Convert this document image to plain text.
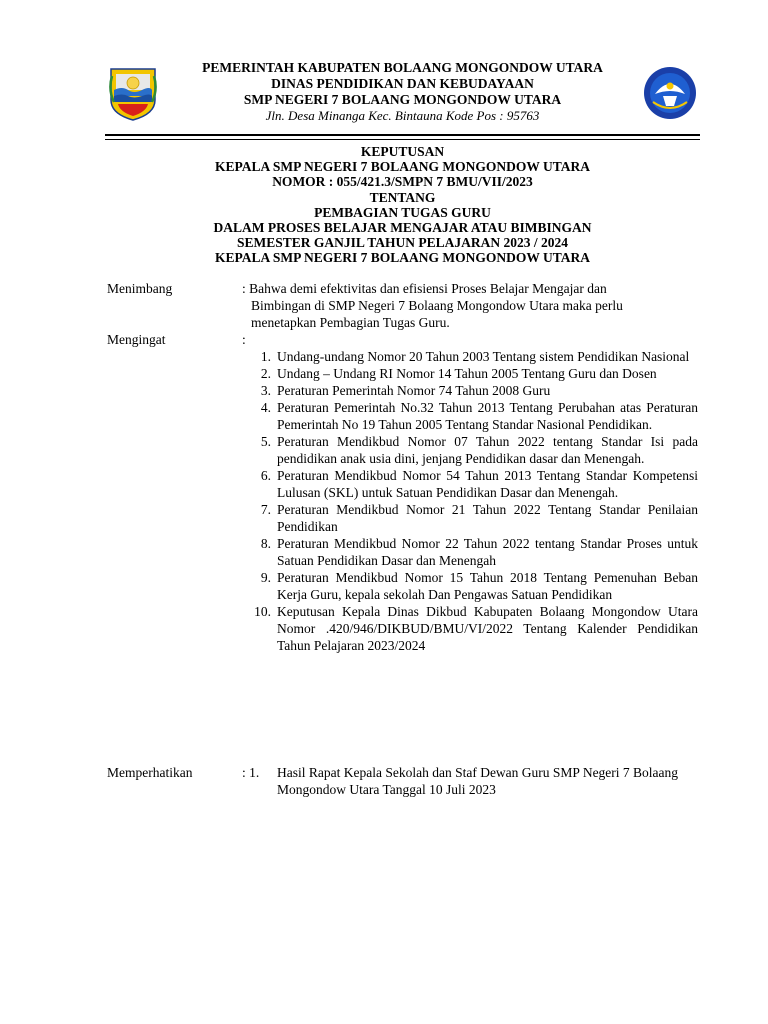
PEMERINTAH KABUPATEN BOLAANG MONGONDOW UTARA
DINAS PENDIDIKAN DAN KEBUDAYAAN
SMP NEGERI 7 BOLAANG MONGONDOW UTARA
Jln. Desa Minanga Kec. Bintauna Kode Pos : 95763
KEPUTUSAN
KEPALA SMP NEGERI 7 BOLAANG MONGONDOW UTARA
NOMOR : 055/421.3/SMPN 7 BMU/VII/2023
TENTANG
PEMBAGIAN TUGAS GURU
DALAM PROSES BELAJAR MENGAJAR ATAU BIMBINGAN
SEMESTER GANJIL TAHUN PELAJARAN 2023 / 2024
KEPALA SMP NEGERI 7 BOLAANG MONGONDOW UTARA
Menimbang	: Bahwa demi efektivitas dan efisiensi Proses Belajar Mengajar dan
Bimbingan di SMP Negeri 7 Bolaang Mongondow Utara maka perlu
menetapkan Pembagian Tugas Guru.
Mengingat	:
1. Undang-undang Nomor 20 Tahun 2003 Tentang sistem Pendidikan Nasional
2. Undang – Undang RI Nomor 14 Tahun 2005 Tentang Guru dan Dosen
3. Peraturan Pemerintah Nomor 74 Tahun 2008 Guru
4. Peraturan Pemerintah No.32 Tahun 2013 Tentang Perubahan atas Peraturan Pemerintah No 19 Tahun 2005 Tentang Standar Nasional Pendidikan.
5. Peraturan Mendikbud Nomor 07 Tahun 2022 tentang Standar Isi pada pendidikan anak usia dini, jenjang Pendidikan dasar dan Menengah.
6. Peraturan Mendikbud Nomor 54 Tahun 2013 Tentang Standar Kompetensi Lulusan (SKL) untuk Satuan Pendidikan Dasar dan Menengah.
7. Peraturan Mendikbud Nomor 21 Tahun 2022 Tentang Standar Penilaian Pendidikan
8. Peraturan Mendikbud Nomor 22 Tahun 2022 tentang Standar Proses untuk Satuan Pendidikan Dasar dan Menengah
9. Peraturan Mendikbud Nomor 15 Tahun 2018 Tentang Pemenuhan Beban Kerja Guru, kepala sekolah Dan Pengawas Satuan Pendidikan
10. Keputusan Kepala Dinas Dikbud Kabupaten Bolaang Mongondow Utara Nomor .420/946/DIKBUD/BMU/VI/2022 Tentang Kalender Pendidikan Tahun Pelajaran 2023/2024
Memperhatikan	: 1. Hasil Rapat Kepala Sekolah dan Staf Dewan Guru SMP Negeri 7 Bolaang Mongondow Utara Tanggal 10 Juli 2023
